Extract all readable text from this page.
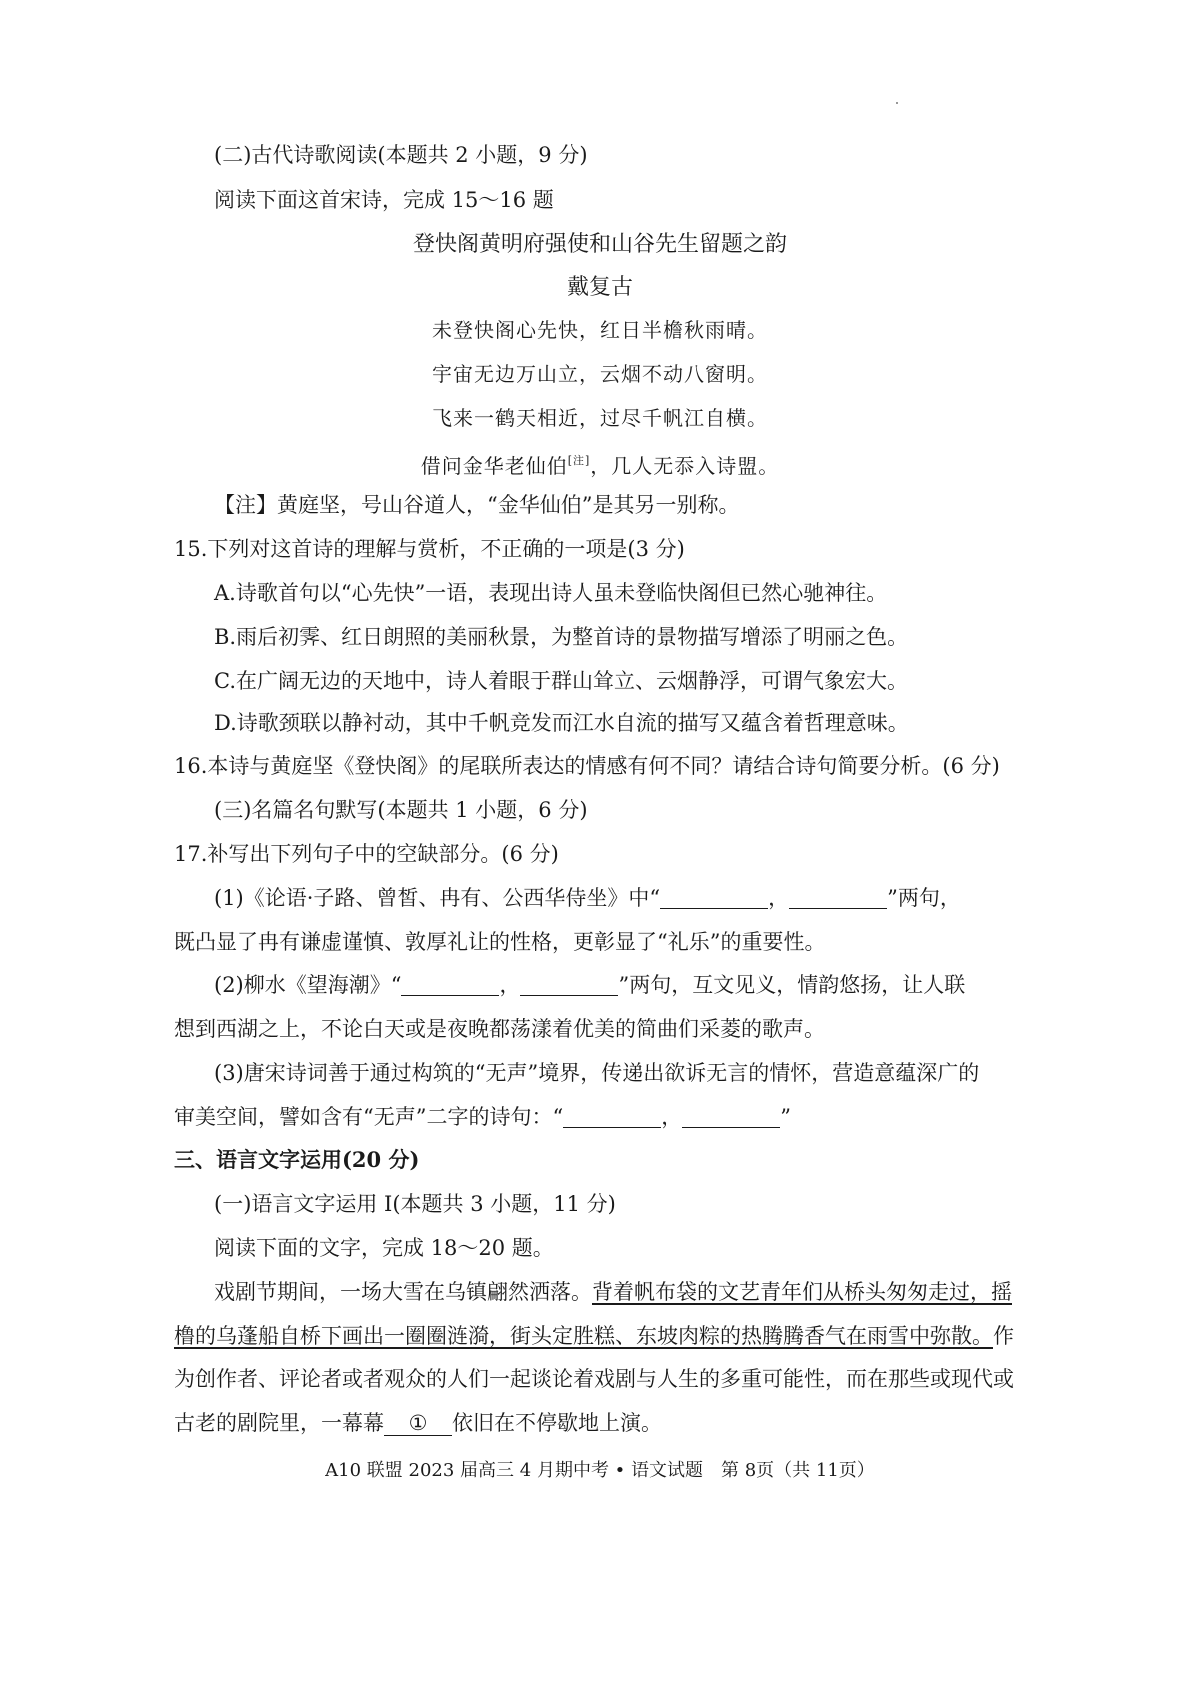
(二)古代诗歌阅读(本题共 2 小题，9 分)
阅读下面这首宋诗，完成 15～16 题
登快阁黄明府强使和山谷先生留题之韵
戴复古
未登快阁心先快，红日半檐秋雨晴。
宇宙无边万山立，云烟不动八窗明。
飞来一鹤天相近，过尽千帆江自横。
借问金华老仙伯[注]，几人无忝入诗盟。
【注】黄庭坚，号山谷道人，“金华仙伯”是其另一别称。
15.下列对这首诗的理解与赏析，不正确的一项是(3 分)
A.诗歌首句以“心先快”一语，表现出诗人虽未登临快阁但已然心驰神往。
B.雨后初霁、红日朗照的美丽秋景，为整首诗的景物描写增添了明丽之色。
C.在广阔无边的天地中，诗人着眼于群山耸立、云烟静浮，可谓气象宏大。
D.诗歌颈联以静衬动，其中千帆竞发而江水自流的描写又蕴含着哲理意味。
16.本诗与黄庭坚《登快阁》的尾联所表达的情感有何不同？请结合诗句简要分析。(6 分)
(三)名篇名句默写(本题共 1 小题，6 分)
17.补写出下列句子中的空缺部分。(6 分)
(1)《论语·子路、曾皙、冉有、公西华侍坐》中“	，	”两句，
既凸显了冉有谦虚谨慎、敦厚礼让的性格，更彰显了“礼乐”的重要性。
(2)柳水《望海潮》“	，	”两句，互文见义，情韵悠扬，让人联
想到西湖之上，不论白天或是夜晚都荡漾着优美的简曲们采菱的歌声。
(3)唐宋诗词善于通过构筑的“无声”境界，传递出欲诉无言的情怀，营造意蕴深广的
审美空间，譬如含有“无声”二字的诗句：“	，	”
三、语言文字运用(20 分)
(一)语言文字运用 I(本题共 3 小题，11 分)
阅读下面的文字，完成 18～20 题。
戏剧节期间，一场大雪在乌镇翩然洒落。背着帆布袋的文艺青年们从桥头匆匆走过，摇
橹的乌蓬船自桥下画出一圈圈涟漪，街头定胜糕、东坡肉粽的热腾腾香气在雨雪中弥散。作
为创作者、评论者或者观众的人们一起谈论着戏剧与人生的多重可能性，而在那些或现代或
古老的剧院里，一幕幕 ① 依旧在不停歇地上演。
A10 联盟 2023 届高三 4 月期中考 • 语文试题　第 8页（共 11页）
